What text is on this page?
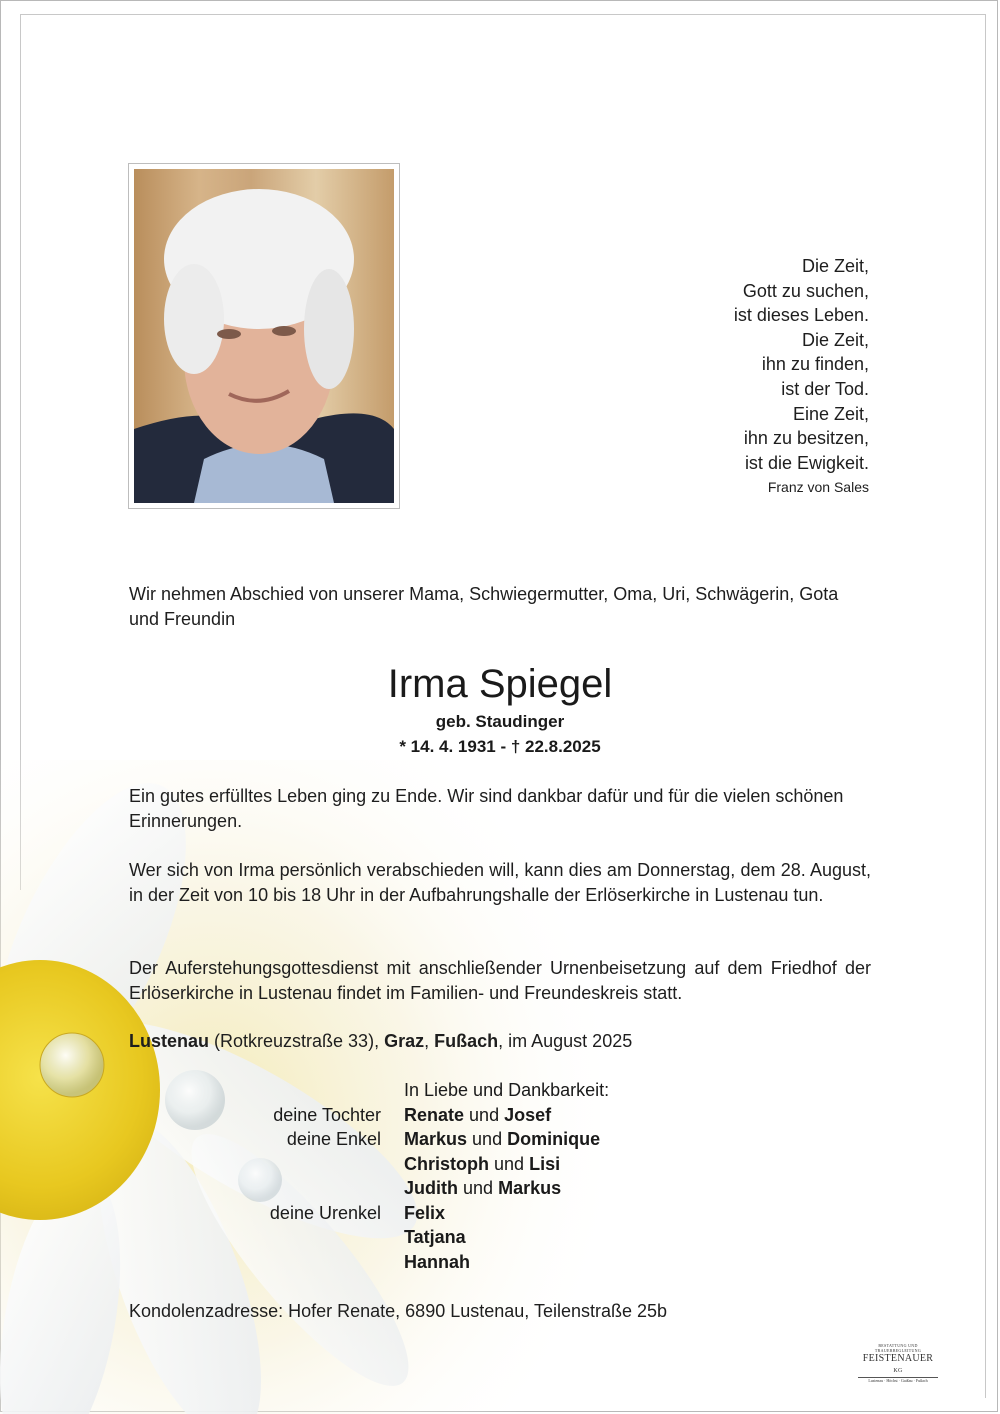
Die Zeit,
Gott zu suchen,
ist dieses Leben.
Die Zeit,
ihn zu finden,
ist der Tod.
Eine Zeit,
ihn zu besitzen,
ist die Ewigkeit.
Franz von Sales
Wir nehmen Abschied von unserer Mama, Schwiegermutter, Oma, Uri, Schwägerin, Gota und Freundin
Irma Spiegel
geb. Staudinger
* 14. 4. 1931 - † 22.8.2025
Ein gutes erfülltes Leben ging zu Ende. Wir sind dankbar dafür und für die vielen schönen Erinnerungen.
Wer sich von Irma persönlich verabschieden will, kann dies am Donnerstag, dem 28. August, in der Zeit von 10 bis 18 Uhr in der Aufbahrungshalle der Erlöserkirche in Lustenau tun.
Der Auferstehungsgottesdienst mit anschließender Urnenbeisetzung auf dem Friedhof der Erlöserkirche in Lustenau findet im Familien- und Freundeskreis statt.
Lustenau (Rotkreuzstraße 33), Graz, Fußach, im August 2025
In Liebe und Dankbarkeit:
deine Tochter Renate und Josef
deine Enkel Markus und Dominique
Christoph und Lisi
Judith und Markus
deine Urenkel Felix
Tatjana
Hannah
Kondolenzadresse: Hofer Renate, 6890 Lustenau, Teilenstraße 25b
BESTATTUNG UND TRAUERBEGLEITUNG
FEISTENAUER KG
Lustenau · Höchst · Gaißau · Fußach
